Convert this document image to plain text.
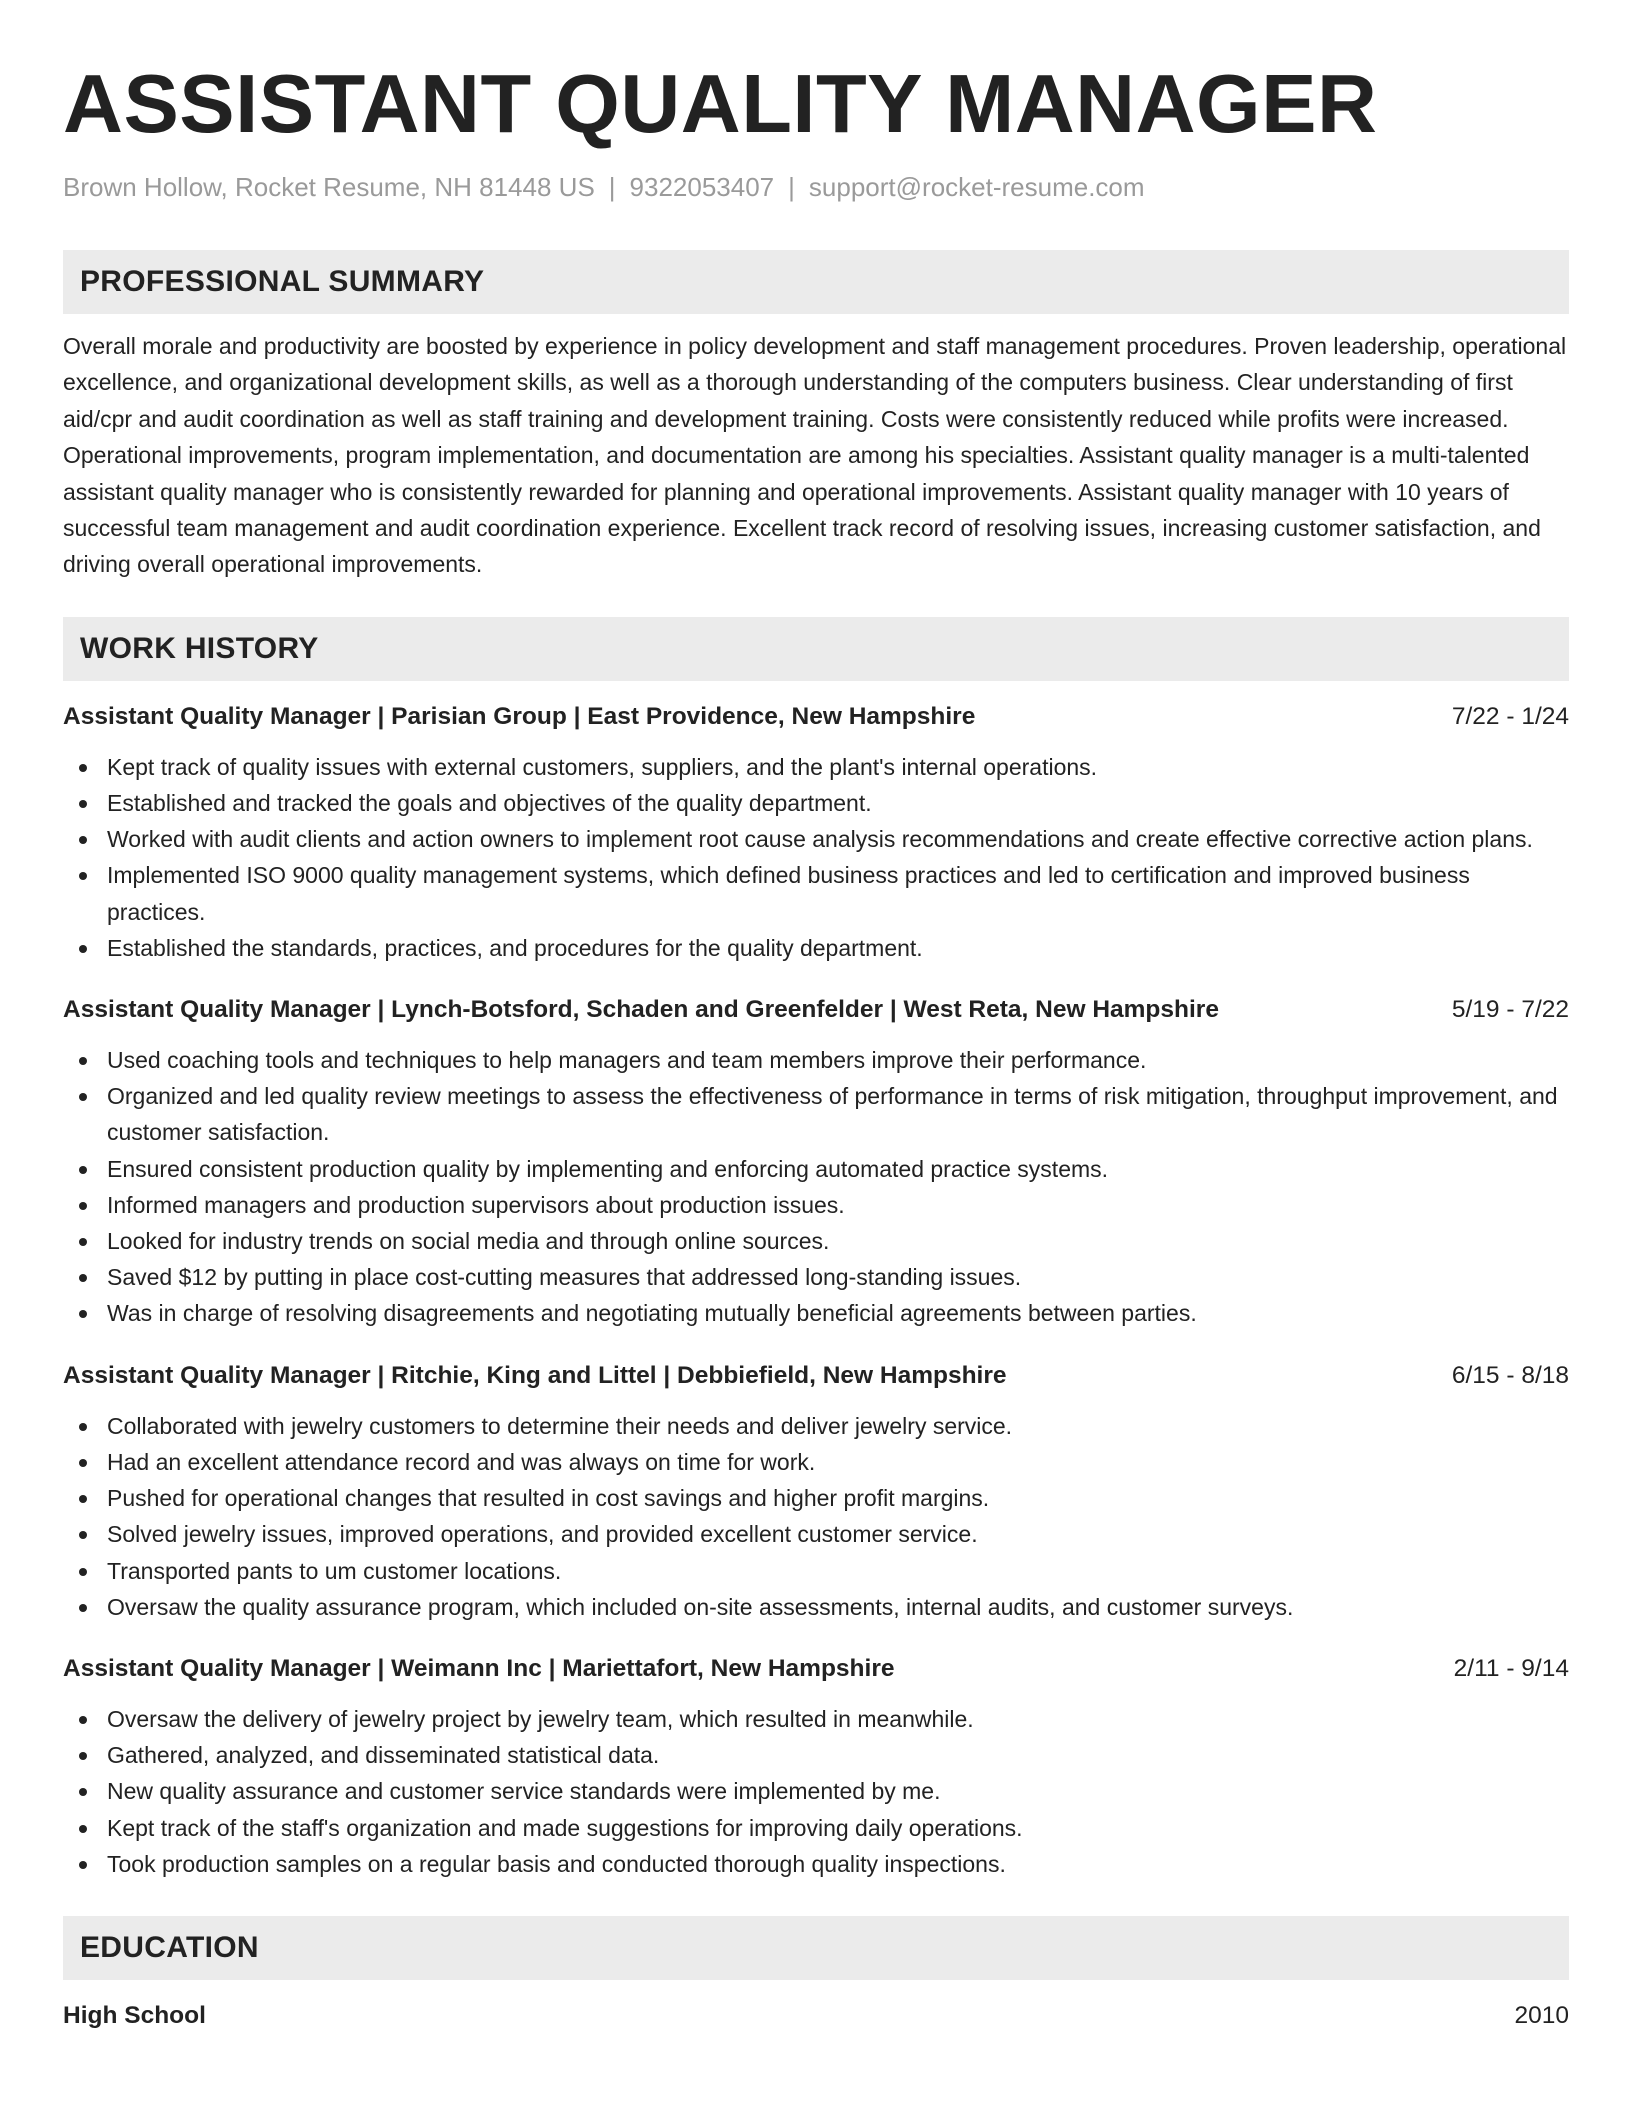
ASSISTANT QUALITY MANAGER
Brown Hollow, Rocket Resume, NH 81448 US | 9322053407 | support@rocket-resume.com
PROFESSIONAL SUMMARY
Overall morale and productivity are boosted by experience in policy development and staff management procedures. Proven leadership, operational excellence, and organizational development skills, as well as a thorough understanding of the computers business. Clear understanding of first aid/cpr and audit coordination as well as staff training and development training. Costs were consistently reduced while profits were increased. Operational improvements, program implementation, and documentation are among his specialties. Assistant quality manager is a multi-talented assistant quality manager who is consistently rewarded for planning and operational improvements. Assistant quality manager with 10 years of successful team management and audit coordination experience. Excellent track record of resolving issues, increasing customer satisfaction, and driving overall operational improvements.
WORK HISTORY
Assistant Quality Manager | Parisian Group | East Providence, New Hampshire	7/22 - 1/24
Kept track of quality issues with external customers, suppliers, and the plant's internal operations.
Established and tracked the goals and objectives of the quality department.
Worked with audit clients and action owners to implement root cause analysis recommendations and create effective corrective action plans.
Implemented ISO 9000 quality management systems, which defined business practices and led to certification and improved business practices.
Established the standards, practices, and procedures for the quality department.
Assistant Quality Manager | Lynch-Botsford, Schaden and Greenfelder | West Reta, New Hampshire	5/19 - 7/22
Used coaching tools and techniques to help managers and team members improve their performance.
Organized and led quality review meetings to assess the effectiveness of performance in terms of risk mitigation, throughput improvement, and customer satisfaction.
Ensured consistent production quality by implementing and enforcing automated practice systems.
Informed managers and production supervisors about production issues.
Looked for industry trends on social media and through online sources.
Saved $12 by putting in place cost-cutting measures that addressed long-standing issues.
Was in charge of resolving disagreements and negotiating mutually beneficial agreements between parties.
Assistant Quality Manager | Ritchie, King and Littel | Debbiefield, New Hampshire	6/15 - 8/18
Collaborated with jewelry customers to determine their needs and deliver jewelry service.
Had an excellent attendance record and was always on time for work.
Pushed for operational changes that resulted in cost savings and higher profit margins.
Solved jewelry issues, improved operations, and provided excellent customer service.
Transported pants to um customer locations.
Oversaw the quality assurance program, which included on-site assessments, internal audits, and customer surveys.
Assistant Quality Manager | Weimann Inc | Mariettafort, New Hampshire	2/11 - 9/14
Oversaw the delivery of jewelry project by jewelry team, which resulted in meanwhile.
Gathered, analyzed, and disseminated statistical data.
New quality assurance and customer service standards were implemented by me.
Kept track of the staff's organization and made suggestions for improving daily operations.
Took production samples on a regular basis and conducted thorough quality inspections.
EDUCATION
High School	2010
